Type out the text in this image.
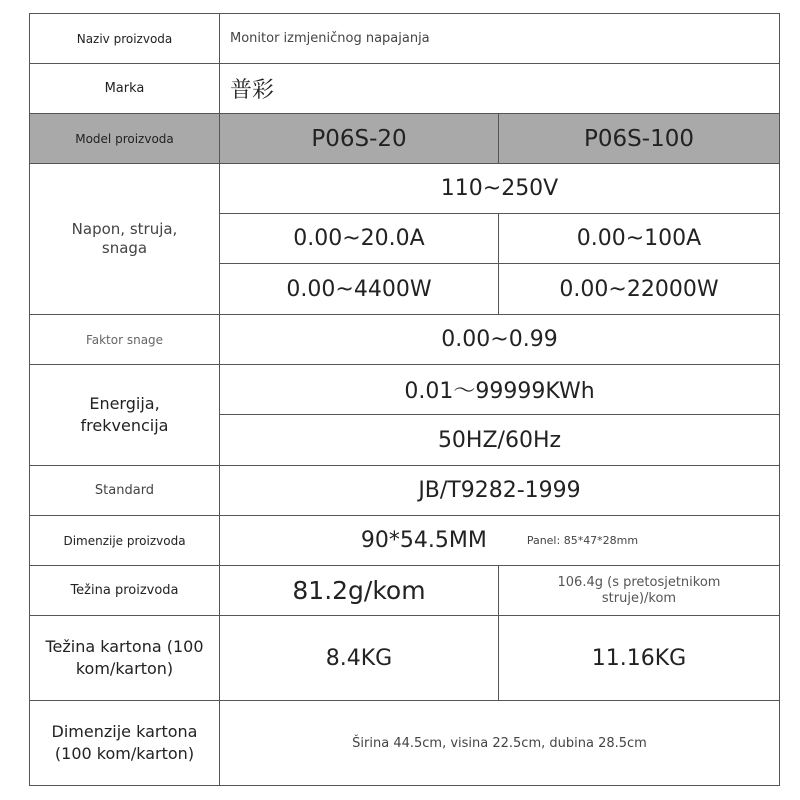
Naziv proizvoda	Monitor izmjeničnog napajanja	
Marka	普彩	
Model proizvoda	P06S-20	P06S-100
Napon, struja, snaga	110~250V	
	0.00~20.0A	0.00~100A
	0.00~4400W	0.00~22000W
Faktor snage	0.00~0.99	
Energija, frekvencija	0.01～99999KWh	
	50HZ/60Hz	
Standard	JB/T9282-1999	
Dimenzije proizvoda	90*54.5MM Panel: 85*47*28mm	

Težina proizvoda	81.2g/kom	106.4g (s pretosjetnikom struje)/kom
Težina kartona (100 kom/karton)	8.4KG	11.16KG
Dimenzije kartona (100 kom/karton)	Širina 44.5cm, visina 22.5cm, dubina 28.5cm	
